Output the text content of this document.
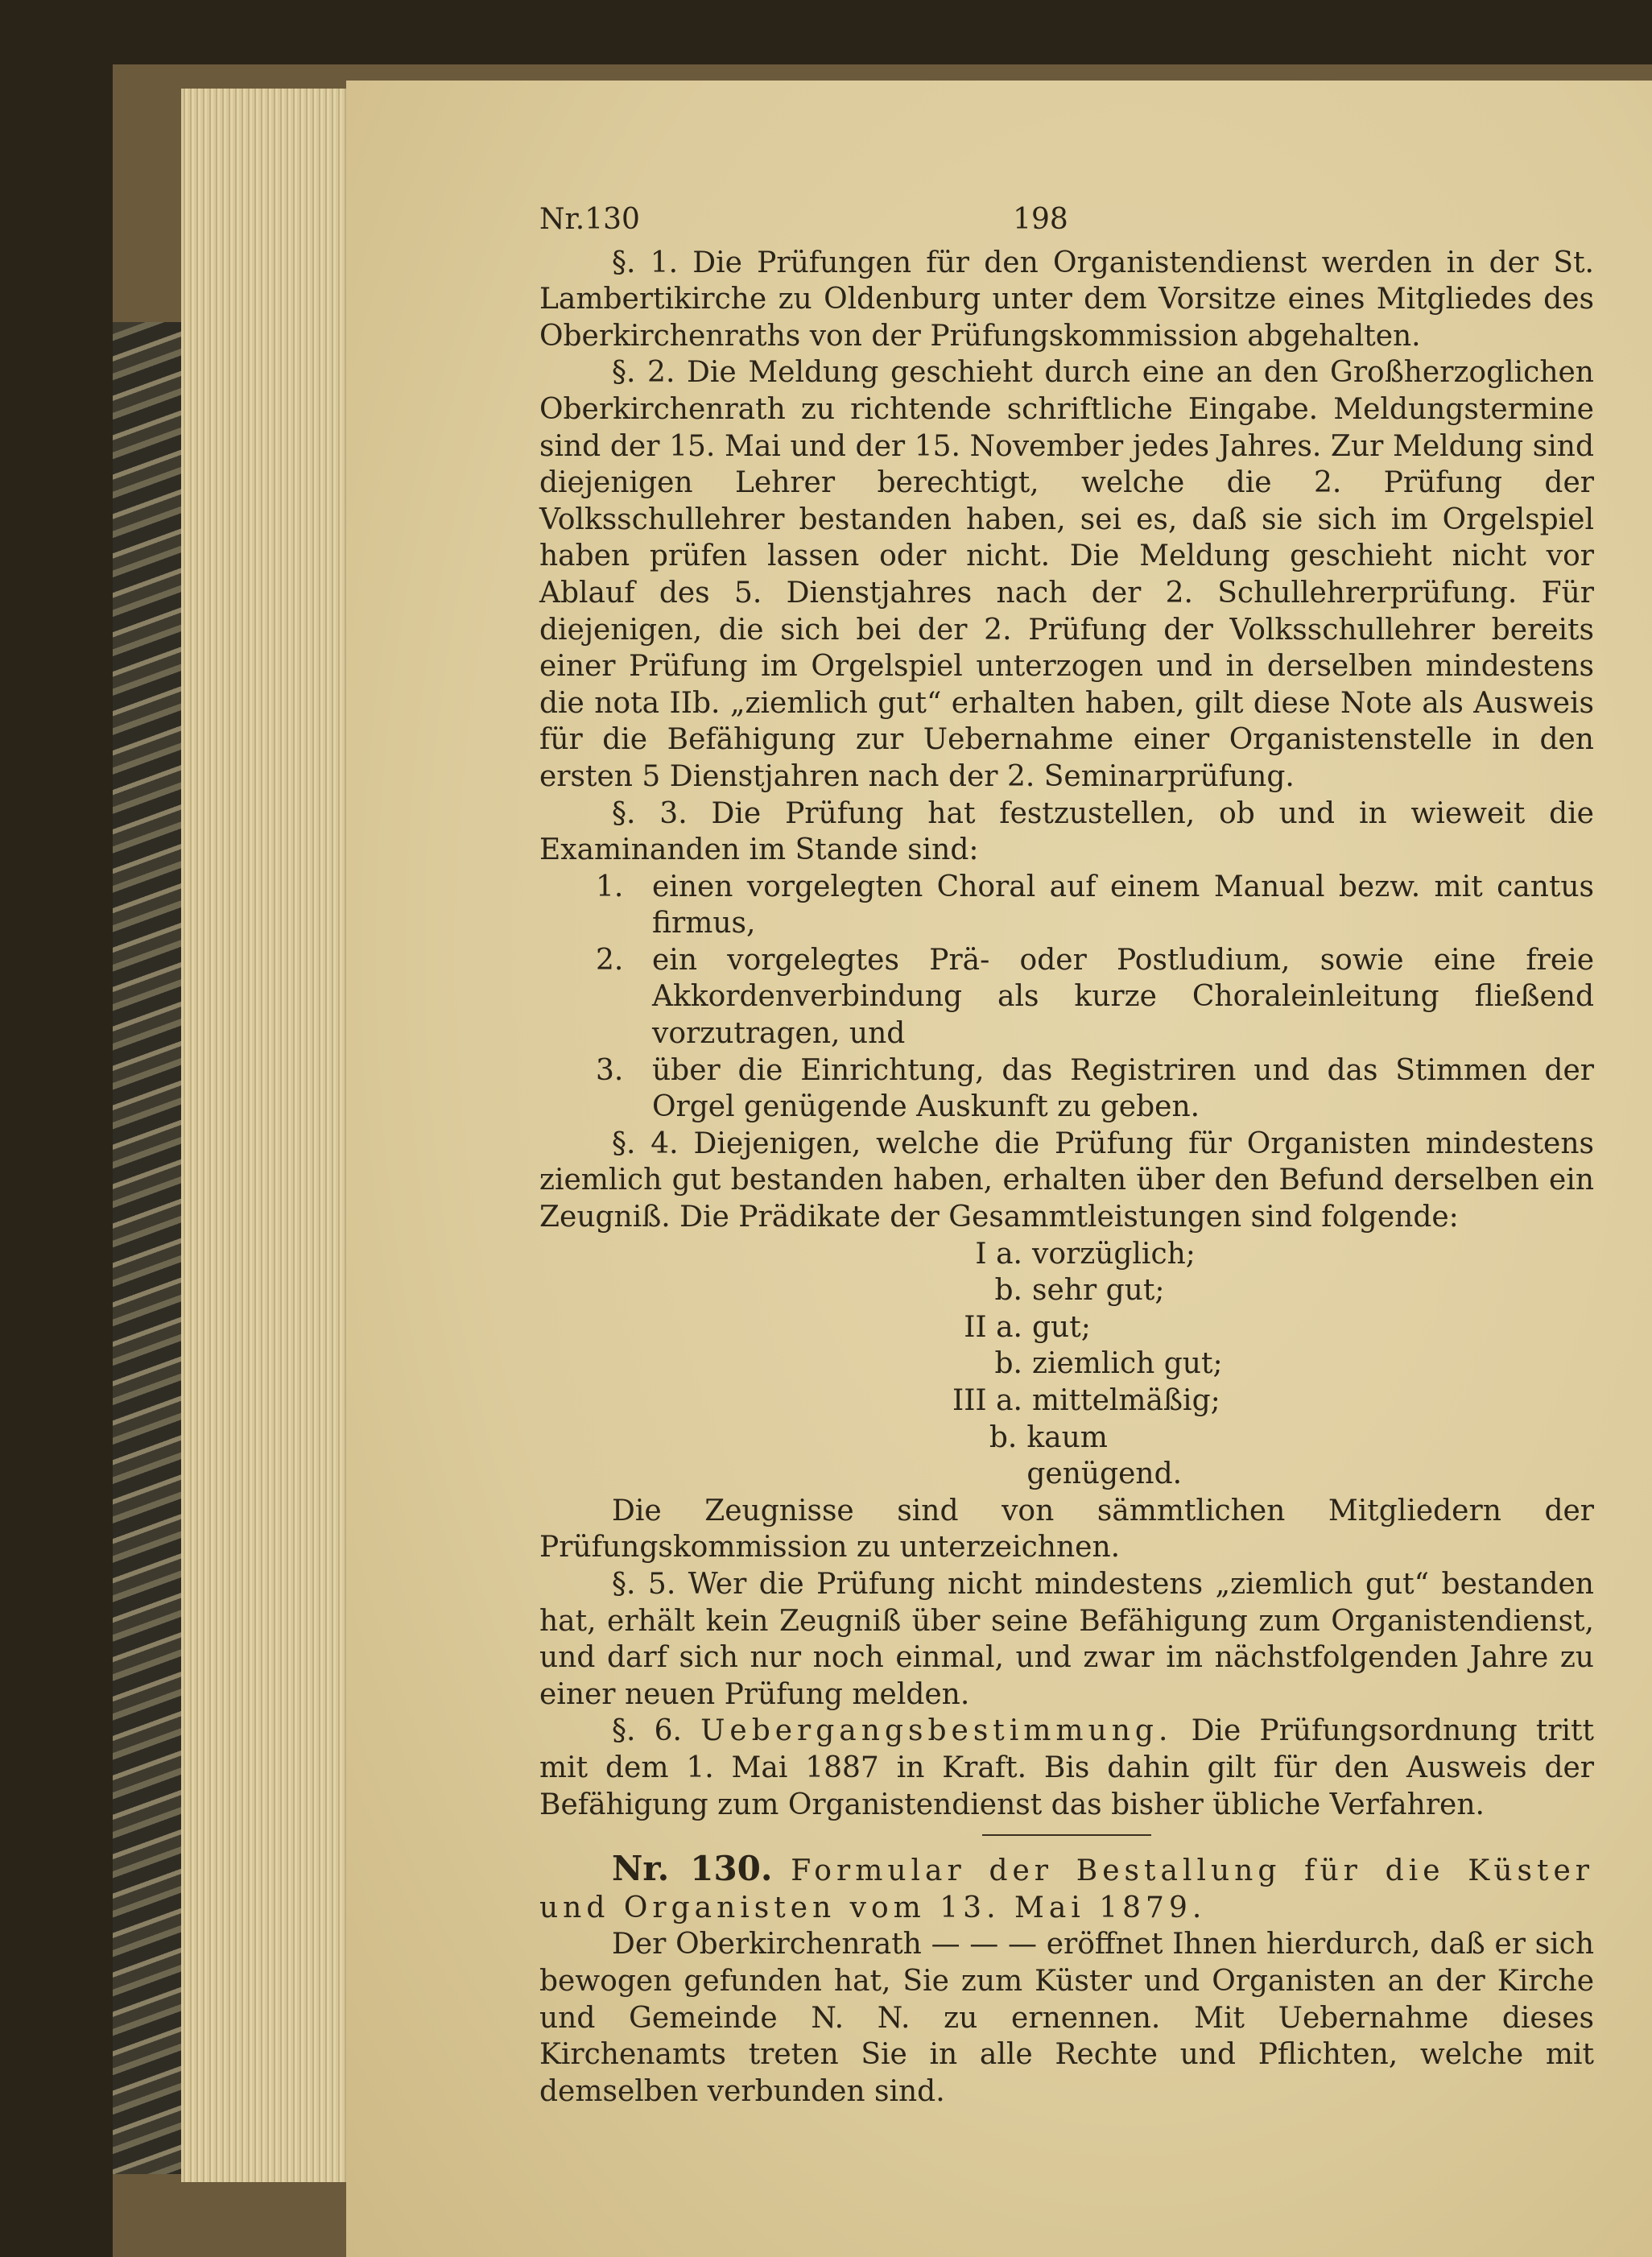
Nr.130	198

§. 1. Die Prüfungen für den Organistendienst werden in der St. Lambertikirche zu Oldenburg unter dem Vorsitze eines Mitgliedes des Oberkirchenraths von der Prüfungskommission abgehalten.

§. 2. Die Meldung geschieht durch eine an den Großherzoglichen Oberkirchenrath zu richtende schriftliche Eingabe. Meldungstermine sind der 15. Mai und der 15. November jedes Jahres. Zur Meldung sind diejenigen Lehrer berechtigt, welche die 2. Prüfung der Volksschullehrer bestanden haben, sei es, daß sie sich im Orgelspiel haben prüfen lassen oder nicht. Die Meldung geschieht nicht vor Ablauf des 5. Dienstjahres nach der 2. Schullehrerprüfung. Für diejenigen, die sich bei der 2. Prüfung der Volksschullehrer bereits einer Prüfung im Orgelspiel unterzogen und in derselben mindestens die nota IIb. „ziemlich gut“ erhalten haben, gilt diese Note als Ausweis für die Befähigung zur Uebernahme einer Organistenstelle in den ersten 5 Dienstjahren nach der 2. Seminarprüfung.

§. 3. Die Prüfung hat festzustellen, ob und in wieweit die Examinanden im Stande sind:

1. einen vorgelegten Choral auf einem Manual bezw. mit cantus firmus,
2. ein vorgelegtes Prä- oder Postludium, sowie eine freie Akkordenverbindung als kurze Choraleinleitung fließend vorzutragen, und
3. über die Einrichtung, das Registriren und das Stimmen der Orgel genügende Auskunft zu geben.

§. 4. Diejenigen, welche die Prüfung für Organisten mindestens ziemlich gut bestanden haben, erhalten über den Befund derselben ein Zeugniß. Die Prädikate der Gesammtleistungen sind folgende:

I a. vorzüglich;
b. sehr gut;
II a. gut;
b. ziemlich gut;
III a. mittelmäßig;
b. kaum genügend.

Die Zeugnisse sind von sämmtlichen Mitgliedern der Prüfungskommission zu unterzeichnen.

§. 5. Wer die Prüfung nicht mindestens „ziemlich gut“ bestanden hat, erhält kein Zeugniß über seine Befähigung zum Organistendienst, und darf sich nur noch einmal, und zwar im nächstfolgenden Jahre zu einer neuen Prüfung melden.

§. 6. Uebergangsbestimmung. Die Prüfungsordnung tritt mit dem 1. Mai 1887 in Kraft. Bis dahin gilt für den Ausweis der Befähigung zum Organistendienst das bisher übliche Verfahren.

Nr. 130. Formular der Bestallung für die Küster und Organisten vom 13. Mai 1879.

Der Oberkirchenrath — — — eröffnet Ihnen hierdurch, daß er sich bewogen gefunden hat, Sie zum Küster und Organisten an der Kirche und Gemeinde N. N. zu ernennen. Mit Uebernahme dieses Kirchenamts treten Sie in alle Rechte und Pflichten, welche mit demselben verbunden sind.
